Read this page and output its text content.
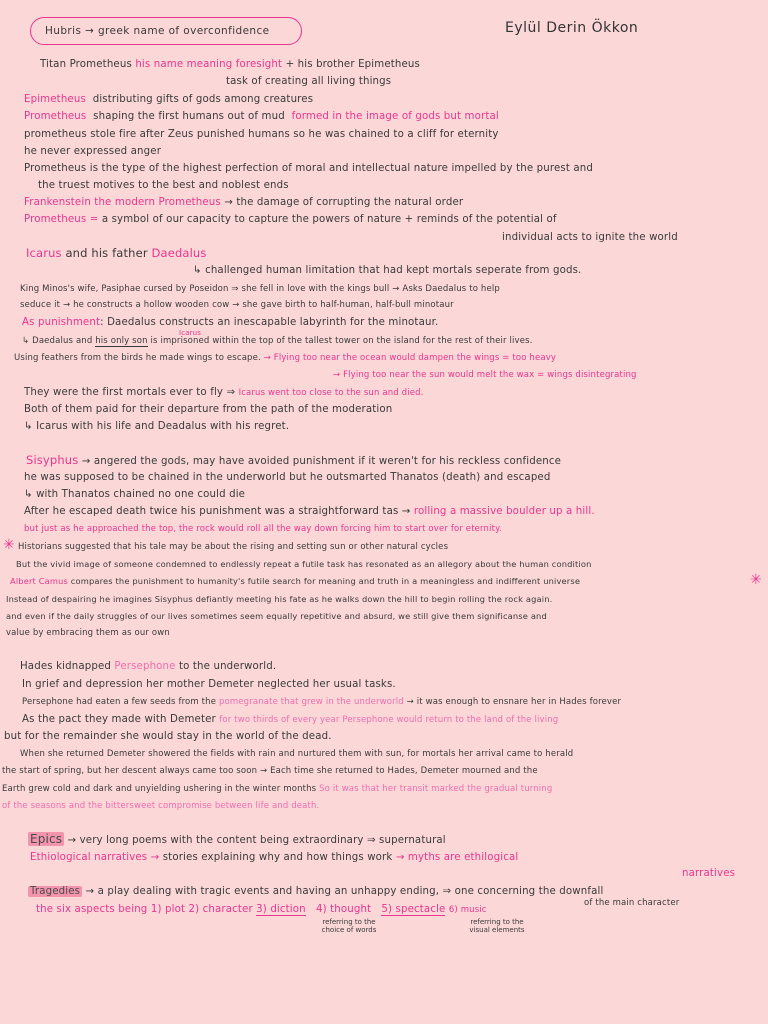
Hubris → greek name of overconfidence	Eylül Derin Ökkon
Titan Prometheus his name meaning foresight + his brother Epimetheus
task of creating all living things
Epimetheus distributing gifts of gods among creatures
Prometheus shaping the first humans out of mud formed in the image of gods but mortal
prometheus stole fire after Zeus punished humans so he was chained to a cliff for eternity
he never expressed anger
Prometheus is the type of the highest perfection of moral and intellectual nature impelled by the purest and
the truest motives to the best and noblest ends
Frankenstein the modern Prometheus → the damage of corrupting the natural order
Prometheus = a symbol of our capacity to capture the powers of nature + reminds of the potential of
individual acts to ignite the world
Icarus and his father Daedalus
↳ challenged human limitation that had kept mortals seperate from gods.
King Minos's wife, Pasiphae cursed by Poseidon ⇒ she fell in love with the kings bull → Asks Daedalus to help
seduce it → he constructs a hollow wooden cow → she gave birth to half-human, half-bull minotaur
As punishment: Daedalus constructs an inescapable labyrinth for the minotaur.
Icarus
↳ Daedalus and his only son is imprisoned within the top of the tallest tower on the island for the rest of their lives.
Using feathers from the birds he made wings to escape. → Flying too near the ocean would dampen the wings = too heavy
→ Flying too near the sun would melt the wax = wings disintegrating
They were the first mortals ever to fly ⇒ Icarus went too close to the sun and died.
Both of them paid for their departure from the path of the moderation
↳ Icarus with his life and Deadalus with his regret.
Sisyphus → angered the gods, may have avoided punishment if it weren't for his reckless confidence
he was supposed to be chained in the underworld but he outsmarted Thanatos (death) and escaped
↳ with Thanatos chained no one could die
After he escaped death twice his punishment was a straightforward tas → rolling a massive boulder up a hill.
but just as he approached the top, the rock would roll all the way down forcing him to start over for eternity.
✳ Historians suggested that his tale may be about the rising and setting sun or other natural cycles
But the vivid image of someone condemned to endlessly repeat a futile task has resonated as an allegory about the human condition
Albert Camus compares the punishment to humanity's futile search for meaning and truth in a meaningless and indifferent universe	✳
Instead of despairing he imagines Sisyphus defiantly meeting his fate as he walks down the hill to begin rolling the rock again.
and even if the daily struggles of our lives sometimes seem equally repetitive and absurd, we still give them significanse and
value by embracing them as our own
Hades kidnapped Persephone to the underworld.
In grief and depression her mother Demeter neglected her usual tasks.
Persephone had eaten a few seeds from the pomegranate that grew in the underworld → it was enough to ensnare her in Hades forever
As the pact they made with Demeter for two thirds of every year Persephone would return to the land of the living
but for the remainder she would stay in the world of the dead.
When she returned Demeter showered the fields with rain and nurtured them with sun, for mortals her arrival came to herald
the start of spring, but her descent always came too soon → Each time she returned to Hades, Demeter mourned and the
Earth grew cold and dark and unyielding ushering in the winter months So it was that her transit marked the gradual turning
of the seasons and the bittersweet compromise between life and death.
Epics → very long poems with the content being extraordinary ⇒ supernatural
Ethiological narratives → stories explaining why and how things work → myths are ethilogical
narratives
Tragedies → a play dealing with tragic events and having an unhappy ending, ⇒ one concerning the downfall
of the main character
the six aspects being 1) plot 2) character 3) diction 4) thought 5) spectacle 6) music
referring to the choice of words
referring to the visual elements
